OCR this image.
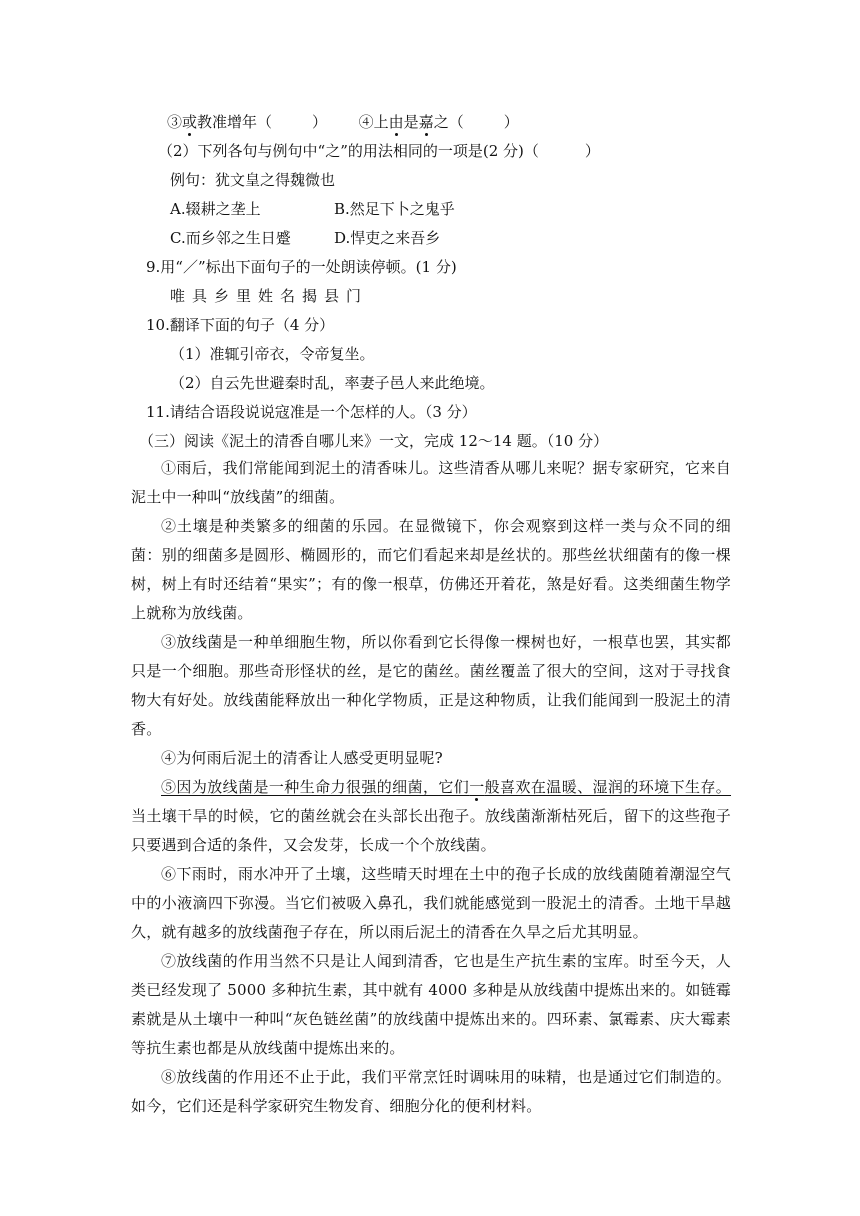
③或教准增年（	） ④上由是嘉之（	）
（2）下列各句与例句中“之”的用法相同的一项是(2 分)（	）
例句：犹文皇之得魏微也
A.辍耕之垄上	B.然足下卜之鬼乎
C.而乡邻之生日蹙	D.悍吏之来吾乡
9.用“／”标出下面句子的一处朗读停顿。(1 分)
唯具乡里姓名揭县门
10.翻译下面的句子（4 分）
（1）准辄引帝衣，令帝复坐。
（2）自云先世避秦时乱，率妻子邑人来此绝境。
11.请结合语段说说寇准是一个怎样的人。（3 分）
（三）阅读《泥土的清香自哪儿来》一文，完成 12～14 题。（10 分）

①雨后，我们常能闻到泥土的清香味儿。这些清香从哪儿来呢？据专家研究，它来自泥土中一种叫“放线菌”的细菌。

②土壤是种类繁多的细菌的乐园。在显微镜下，你会观察到这样一类与众不同的细菌：别的细菌多是圆形、椭圆形的，而它们看起来却是丝状的。那些丝状细菌有的像一棵树，树上有时还结着“果实”；有的像一根草，仿佛还开着花，煞是好看。这类细菌生物学上就称为放线菌。

③放线菌是一种单细胞生物，所以你看到它长得像一棵树也好，一根草也罢，其实都只是一个细胞。那些奇形怪状的丝，是它的菌丝。菌丝覆盖了很大的空间，这对于寻找食物大有好处。放线菌能释放出一种化学物质，正是这种物质，让我们能闻到一股泥土的清香。

④为何雨后泥土的清香让人感受更明显呢?

⑤因为放线菌是一种生命力很强的细菌，它们一般喜欢在温暖、湿润的环境下生存。当土壤干旱的时候，它的菌丝就会在头部长出孢子。放线菌渐渐枯死后，留下的这些孢子只要遇到合适的条件，又会发芽，长成一个个放线菌。

⑥下雨时，雨水冲开了土壤，这些晴天时埋在土中的孢子长成的放线菌随着潮湿空气中的小液滴四下弥漫。当它们被吸入鼻孔，我们就能感觉到一股泥土的清香。土地干旱越久，就有越多的放线菌孢子存在，所以雨后泥土的清香在久旱之后尤其明显。

⑦放线菌的作用当然不只是让人闻到清香，它也是生产抗生素的宝库。时至今天，人类已经发现了 5000 多种抗生素，其中就有 4000 多种是从放线菌中提炼出来的。如链霉素就是从土壤中一种叫“灰色链丝菌”的放线菌中提炼出来的。四环素、氯霉素、庆大霉素等抗生素也都是从放线菌中提炼出来的。

⑧放线菌的作用还不止于此，我们平常烹饪时调味用的味精，也是通过它们制造的。如今，它们还是科学家研究生物发育、细胞分化的便利材料。
